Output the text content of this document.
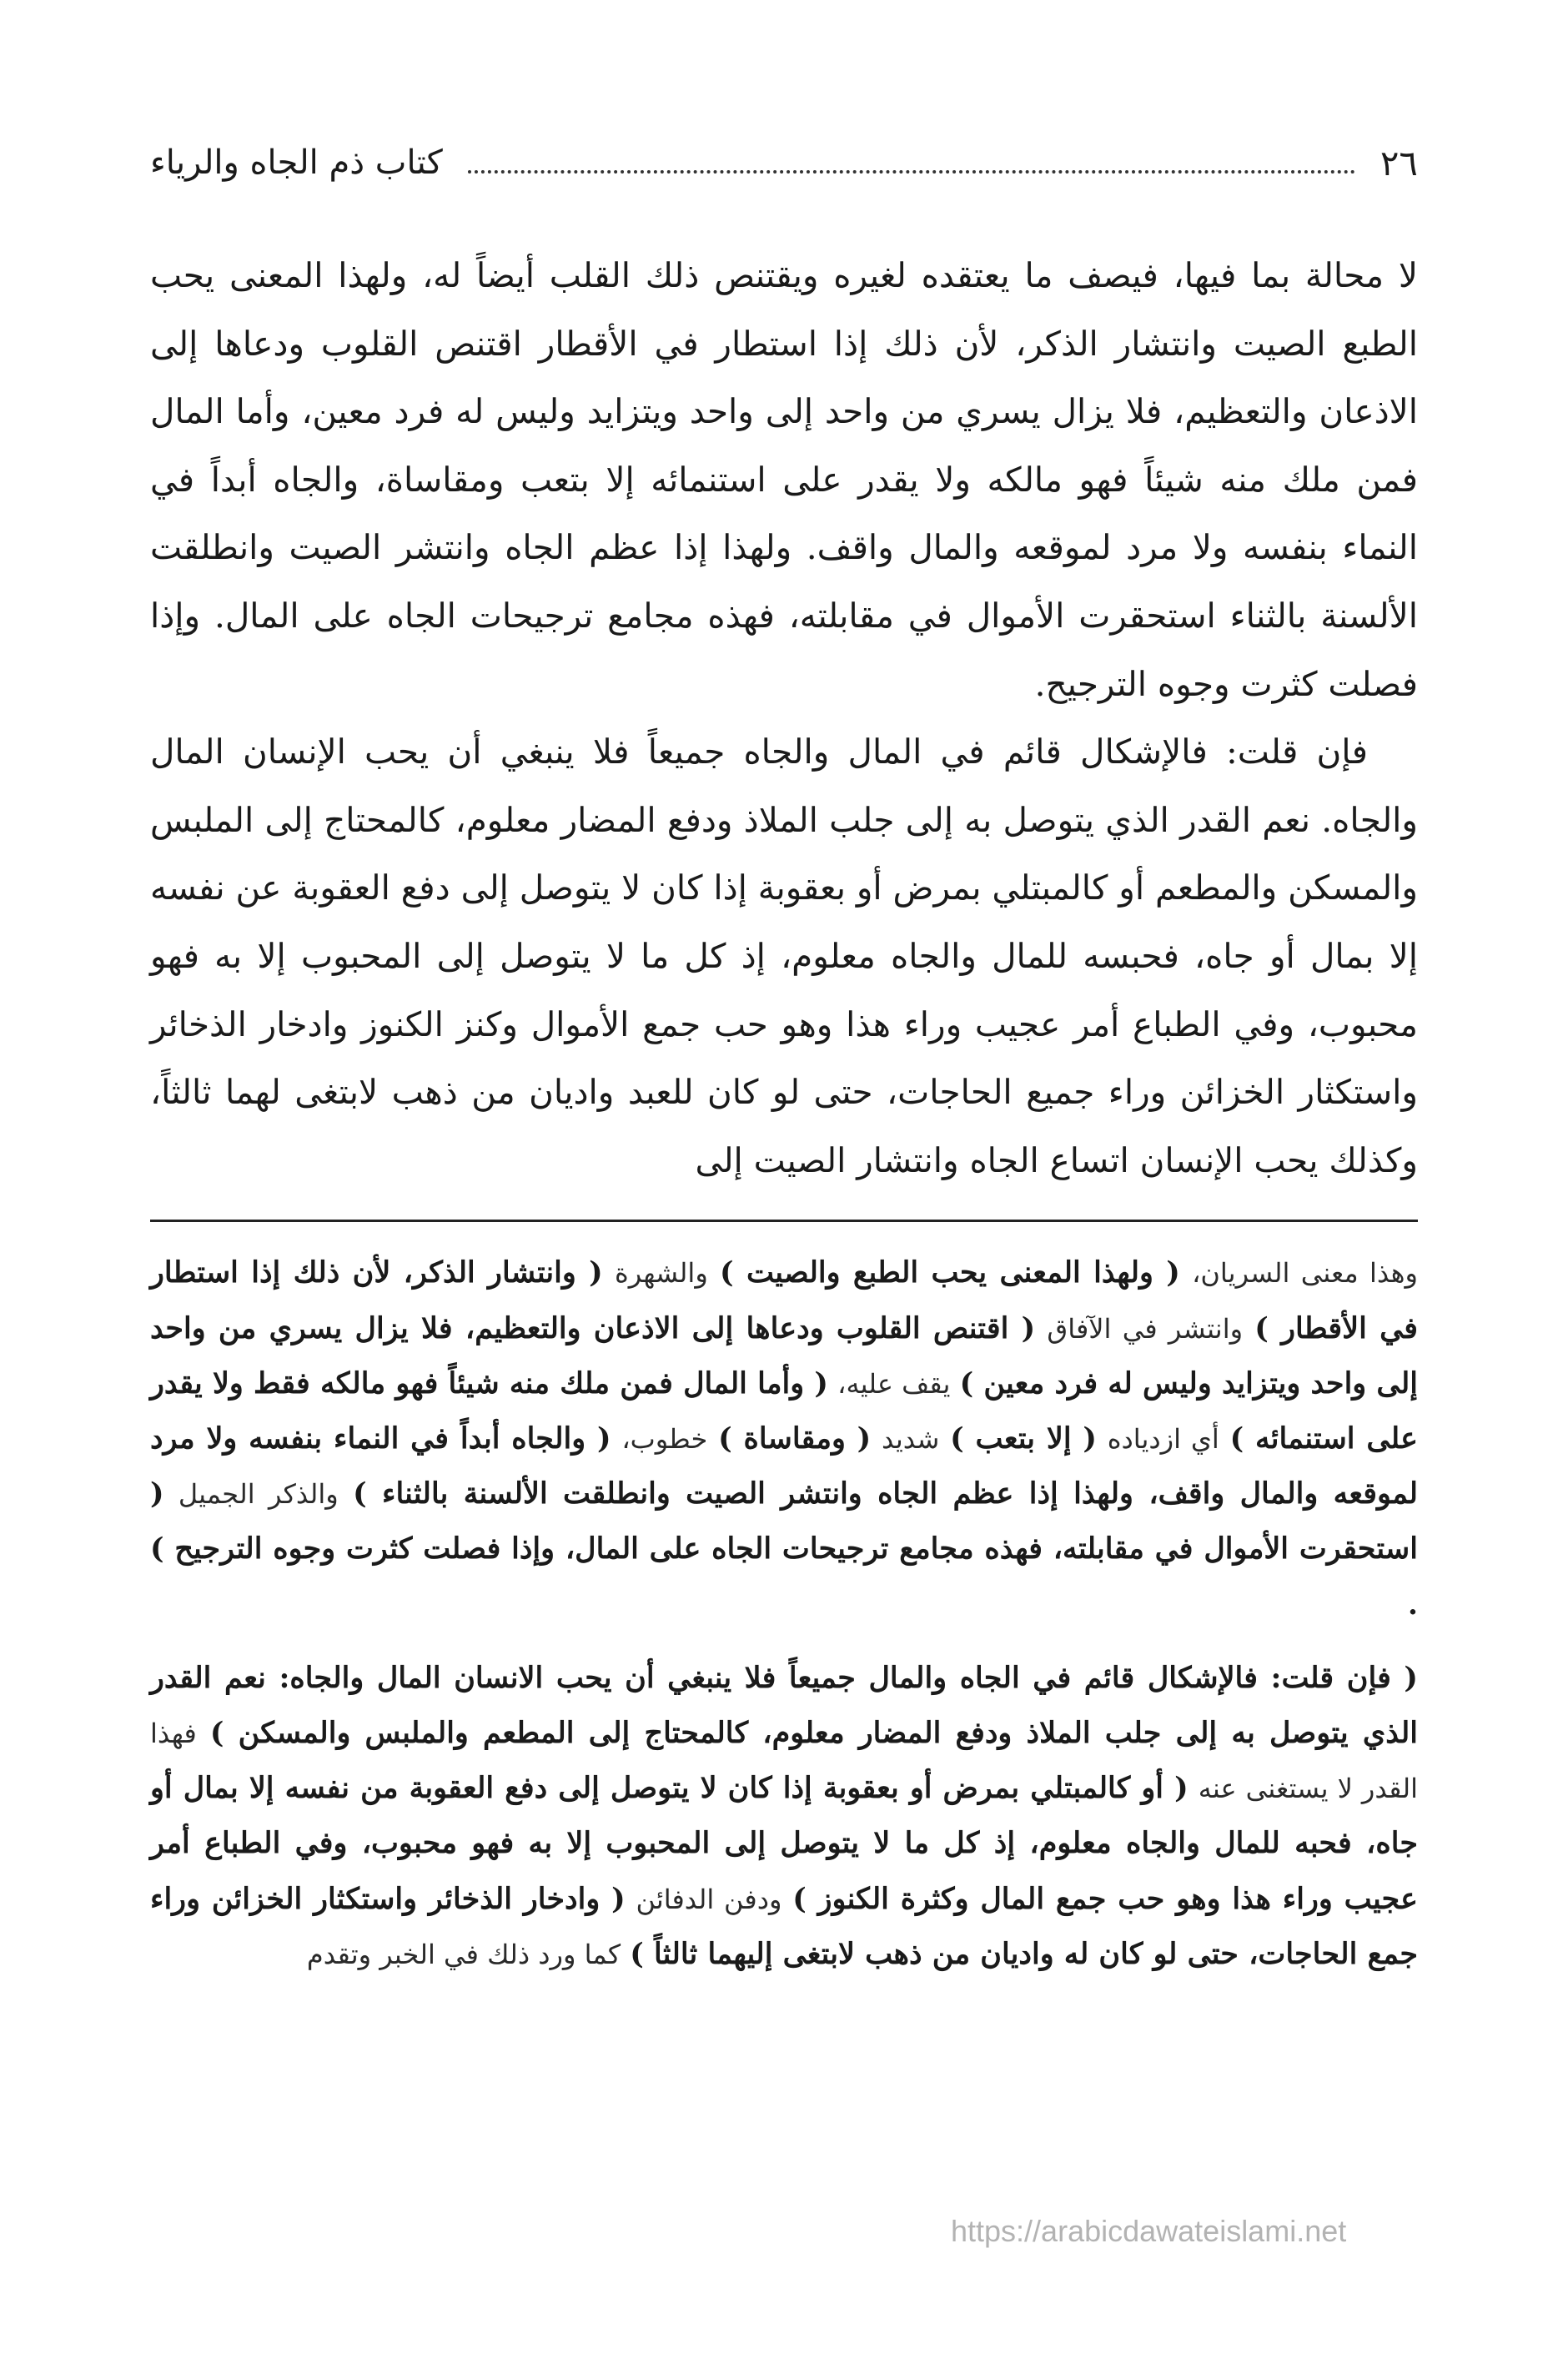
٢٦
كتاب ذم الجاه والرياء

لا محالة بما فيها، فيصف ما يعتقده لغيره ويقتنص ذلك القلب أيضاً له، ولهذا المعنى يحب الطبع الصيت وانتشار الذكر، لأن ذلك إذا استطار في الأقطار اقتنص القلوب ودعاها إلى الاذعان والتعظيم، فلا يزال يسري من واحد إلى واحد ويتزايد وليس له فرد معين، وأما المال فمن ملك منه شيئاً فهو مالكه ولا يقدر على استنمائه إلا بتعب ومقاساة، والجاه أبداً في النماء بنفسه ولا مرد لموقعه والمال واقف. ولهذا إذا عظم الجاه وانتشر الصيت وانطلقت الألسنة بالثناء استحقرت الأموال في مقابلته، فهذه مجامع ترجيحات الجاه على المال. وإذا فصلت كثرت وجوه الترجيح.

فإن قلت: فالإشكال قائم في المال والجاه جميعاً فلا ينبغي أن يحب الإنسان المال والجاه. نعم القدر الذي يتوصل به إلى جلب الملاذ ودفع المضار معلوم، كالمحتاج إلى الملبس والمسكن والمطعم أو كالمبتلي بمرض أو بعقوبة إذا كان لا يتوصل إلى دفع العقوبة عن نفسه إلا بمال أو جاه، فحبسه للمال والجاه معلوم، إذ كل ما لا يتوصل إلى المحبوب إلا به فهو محبوب، وفي الطباع أمر عجيب وراء هذا وهو حب جمع الأموال وكنز الكنوز وادخار الذخائر واستكثار الخزائن وراء جميع الحاجات، حتى لو كان للعبد واديان من ذهب لابتغى لهما ثالثاً، وكذلك يحب الإنسان اتساع الجاه وانتشار الصيت إلى

وهذا معنى السريان، ( ولهذا المعنى يحب الطبع والصيت ) والشهرة ( وانتشار الذكر، لأن ذلك إذا استطار في الأقطار ) وانتشر في الآفاق ( اقتنص القلوب ودعاها إلى الاذعان والتعظيم، فلا يزال يسري من واحد إلى واحد ويتزايد وليس له فرد معين ) يقف عليه، ( وأما المال فمن ملك منه شيئاً فهو مالكه فقط ولا يقدر على استنمائه ) أي ازدياده ( إلا بتعب ) شديد ( ومقاساة ) خطوب، ( والجاه أبداً في النماء بنفسه ولا مرد لموقعه والمال واقف، ولهذا إذا عظم الجاه وانتشر الصيت وانطلقت الألسنة بالثناء ) والذكر الجميل ( استحقرت الأموال في مقابلته، فهذه مجامع ترجيحات الجاه على المال، وإذا فصلت كثرت وجوه الترجيح ) .

( فإن قلت: فالإشكال قائم في الجاه والمال جميعاً فلا ينبغي أن يحب الانسان المال والجاه: نعم القدر الذي يتوصل به إلى جلب الملاذ ودفع المضار معلوم، كالمحتاج إلى المطعم والملبس والمسكن ) فهذا القدر لا يستغنى عنه ( أو كالمبتلي بمرض أو بعقوبة إذا كان لا يتوصل إلى دفع العقوبة من نفسه إلا بمال أو جاه، فحبه للمال والجاه معلوم، إذ كل ما لا يتوصل إلى المحبوب إلا به فهو محبوب، وفي الطباع أمر عجيب وراء هذا وهو حب جمع المال وكثرة الكنوز ) ودفن الدفائن ( وادخار الذخائر واستكثار الخزائن وراء جمع الحاجات، حتى لو كان له واديان من ذهب لابتغى إليهما ثالثاً ) كما ورد ذلك في الخبر وتقدم

https://arabicdawateislami.net
